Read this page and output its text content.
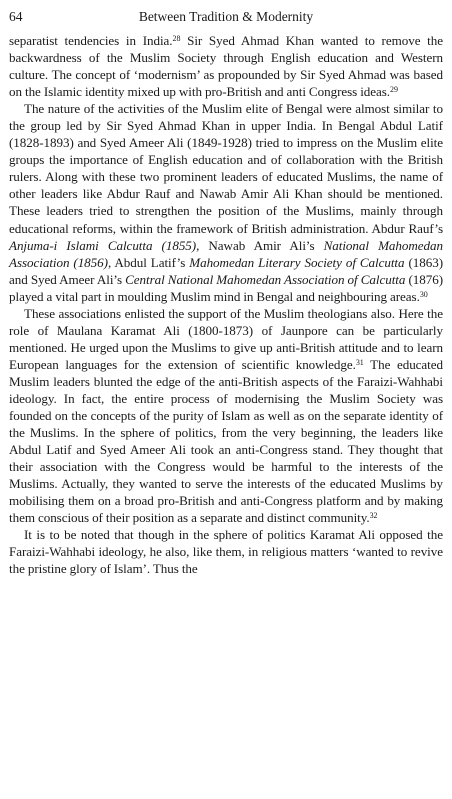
64	Between Tradition & Modernity

separatist tendencies in India.$^{28}$ Sir Syed Ahmad Khan wanted to remove the backwardness of the Muslim Society through English education and Western culture. The concept of ‘modernism’ as propounded by Sir Syed Ahmad was based on the Islamic identity mixed up with pro-British and anti Congress ideas.$^{29}$

The nature of the activities of the Muslim elite of Bengal were almost similar to the group led by Sir Syed Ahmad Khan in upper India. In Bengal Abdul Latif (1828-1893) and Syed Ameer Ali (1849-1928) tried to impress on the Muslim elite groups the importance of English education and of collaboration with the British rulers. Along with these two prominent leaders of educated Muslims, the name of other leaders like Abdur Rauf and Nawab Amir Ali Khan should be mentioned. These leaders tried to strengthen the position of the Muslims, mainly through educational reforms, within the framework of British administration. Abdur Rauf’s Anjuma-i Islami Calcutta (1855), Nawab Amir Ali’s National Mahomedan Association (1856), Abdul Latif’s Mahomedan Literary Society of Calcutta (1863) and Syed Ameer Ali’s Central National Mahomedan Association of Calcutta (1876) played a vital part in moulding Muslim mind in Bengal and neighbouring areas.$^{30}$

These associations enlisted the support of the Muslim theologians also. Here the role of Maulana Karamat Ali (1800-1873) of Jaunpore can be particularly mentioned. He urged upon the Muslims to give up anti-British attitude and to learn European languages for the extension of scientific knowledge.$^{31}$ The educated Muslim leaders blunted the edge of the anti-British aspects of the Faraizi-Wahhabi ideology. In fact, the entire process of modernising the Muslim Society was founded on the concepts of the purity of Islam as well as on the separate identity of the Muslims. In the sphere of politics, from the very beginning, the leaders like Abdul Latif and Syed Ameer Ali took an anti-Congress stand. They thought that their association with the Congress would be harmful to the interests of the Muslims. Actually, they wanted to serve the interests of the educated Muslims by mobilising them on a broad pro-British and anti-Congress platform and by making them conscious of their position as a separate and distinct community.$^{32}$

It is to be noted that though in the sphere of politics Karamat Ali opposed the Faraizi-Wahhabi ideology, he also, like them, in religious matters ‘wanted to revive the pristine glory of Islam’. Thus the
